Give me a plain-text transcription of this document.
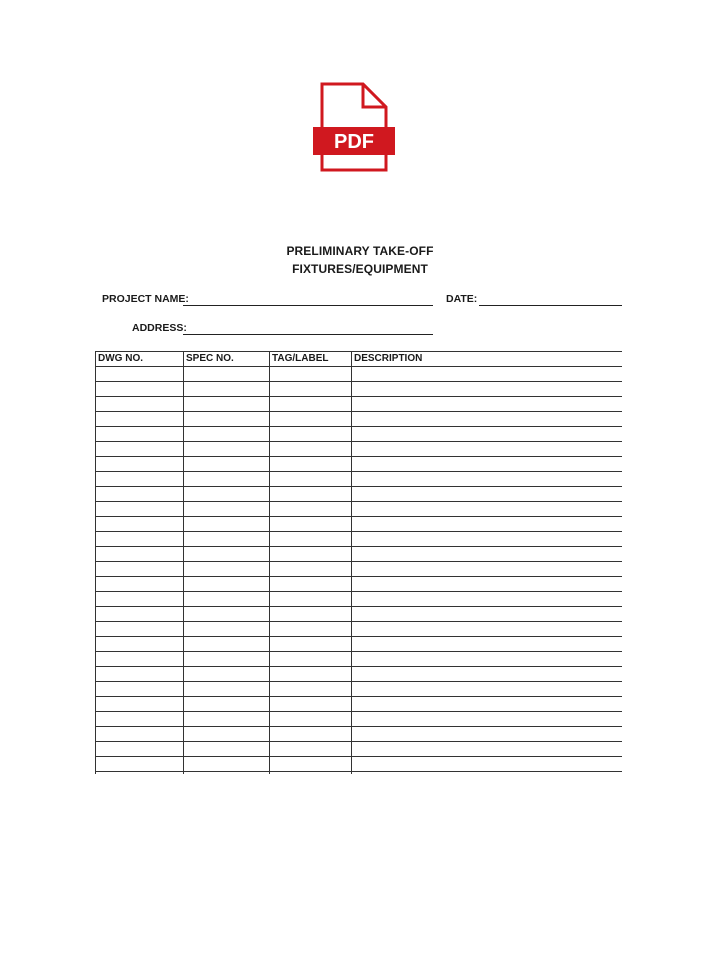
PDF
PRELIMINARY TAKE-OFF
FIXTURES/EQUIPMENT
PROJECT NAME:	DATE:
ADDRESS:
DWG NO.	SPEC NO.	TAG/LABEL	DESCRIPTION
